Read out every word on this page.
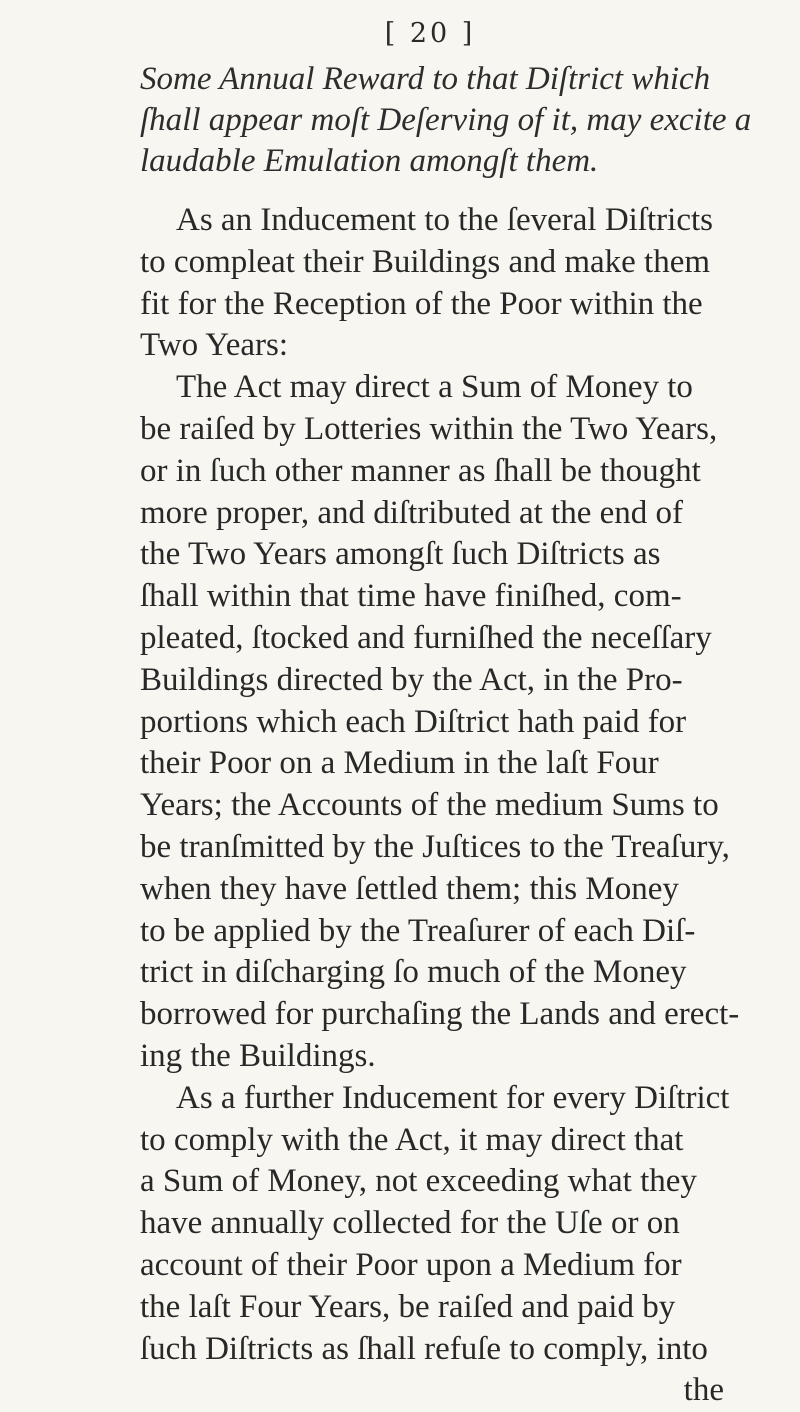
[ 20 ]
Some Annual Reward to that Diſtrict which
ſhall appear moſt Deſerving of it, may excite a
laudable Emulation amongſt them.
As an Inducement to the ſeveral Diſtricts
to compleat their Buildings and make them
fit for the Reception of the Poor within the
Two Years:
The Act may direct a Sum of Money to
be raiſed by Lotteries within the Two Years,
or in ſuch other manner as ſhall be thought
more proper, and diſtributed at the end of
the Two Years amongſt ſuch Diſtricts as
ſhall within that time have finiſhed, com-
pleated, ſtocked and furniſhed the neceſſary
Buildings directed by the Act, in the Pro-
portions which each Diſtrict hath paid for
their Poor on a Medium in the laſt Four
Years; the Accounts of the medium Sums to
be tranſmitted by the Juſtices to the Treaſury,
when they have ſettled them; this Money
to be applied by the Treaſurer of each Diſ-
trict in diſcharging ſo much of the Money
borrowed for purchaſing the Lands and erect-
ing the Buildings.
As a further Inducement for every Diſtrict
to comply with the Act, it may direct that
a Sum of Money, not exceeding what they
have annually collected for the Uſe or on
account of their Poor upon a Medium for
the laſt Four Years, be raiſed and paid by
ſuch Diſtricts as ſhall refuſe to comply, into
the
